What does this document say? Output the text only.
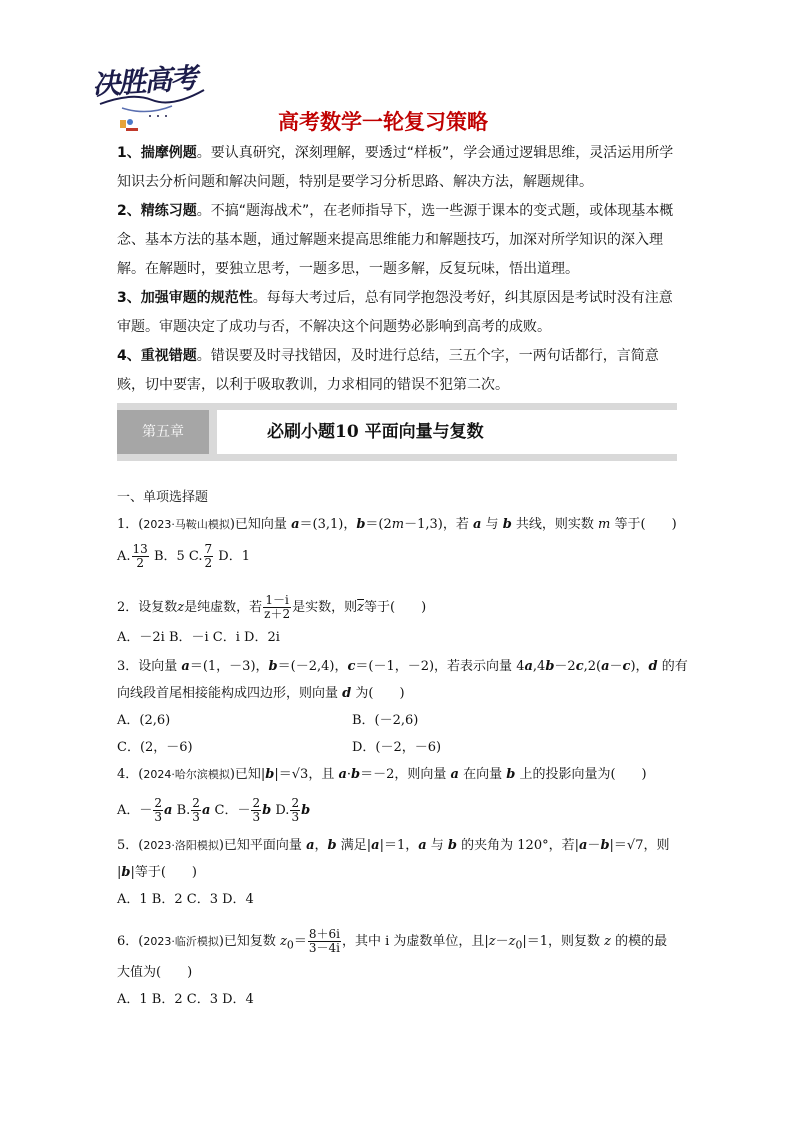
决胜高考
高考数学一轮复习策略
1、揣摩例题。要认真研究，深刻理解，要透过“样板”，学会通过逻辑思维，灵活运用所学知识去分析问题和解决问题，特别是要学习分析思路、解决方法，解题规律。
2、精练习题。不搞“题海战术”，在老师指导下，选一些源于课本的变式题，或体现基本概念、基本方法的基本题，通过解题来提高思维能力和解题技巧，加深对所学知识的深入理解。在解题时，要独立思考，一题多思，一题多解，反复玩味，悟出道理。
3、加强审题的规范性。每每大考过后，总有同学抱怨没考好，纠其原因是考试时没有注意审题。审题决定了成功与否，不解决这个问题势必影响到高考的成败。
4、重视错题。错误要及时寻找错因，及时进行总结，三五个字，一两句话都行，言简意赅，切中要害，以利于吸取教训，力求相同的错误不犯第二次。
第五章	必刷小题10 平面向量与复数
一、单项选择题
1．(2023·马鞍山模拟)已知向量 a＝(3,1)，b＝(2m－1,3)，若 a 与 b 共线，则实数 m 等于(　　)
A. $\frac{13}{2}$ B．5 C. $\frac{7}{2}$ D．1
2．设复数z是纯虚数，若 $\frac{1-i}{z+2}$ 是实数，则$\overline{z}$等于(　　)
A．－2i B．－i C．i D．2i
3．设向量 a＝(1，－3)，b＝(－2,4)，c＝(－1，－2)，若表示向量 4a,4b－2c,2(a－c)，d 的有
向线段首尾相接能构成四边形，则向量 d 为(　　)
A．(2,6)	B．(－2,6)
C．(2，－6)	D．(－2，－6)
4．(2024·哈尔滨模拟)已知|b|＝√3，且 a·b＝－2，则向量 a 在向量 b 上的投影向量为(　　)
A．－ $\frac{2}{3}$ a B. $\frac{2}{3}$ a C．－ $\frac{2}{3}$ b D. $\frac{2}{3}$ b
5．(2023·洛阳模拟)已知平面向量 a，b 满足|a|＝1，a 与 b 的夹角为 120°，若|a－b|＝√7，则
|b|等于(　　)
A．1 B．2 C．3 D．4
6．(2023·临沂模拟)已知复数 $z_0= \frac{8+6i}{3-4i}$ ，其中 i 为虚数单位，且$|z-z_0|=1$，则复数 z 的模的最
大值为(　　)
A．1 B．2 C．3 D．4
